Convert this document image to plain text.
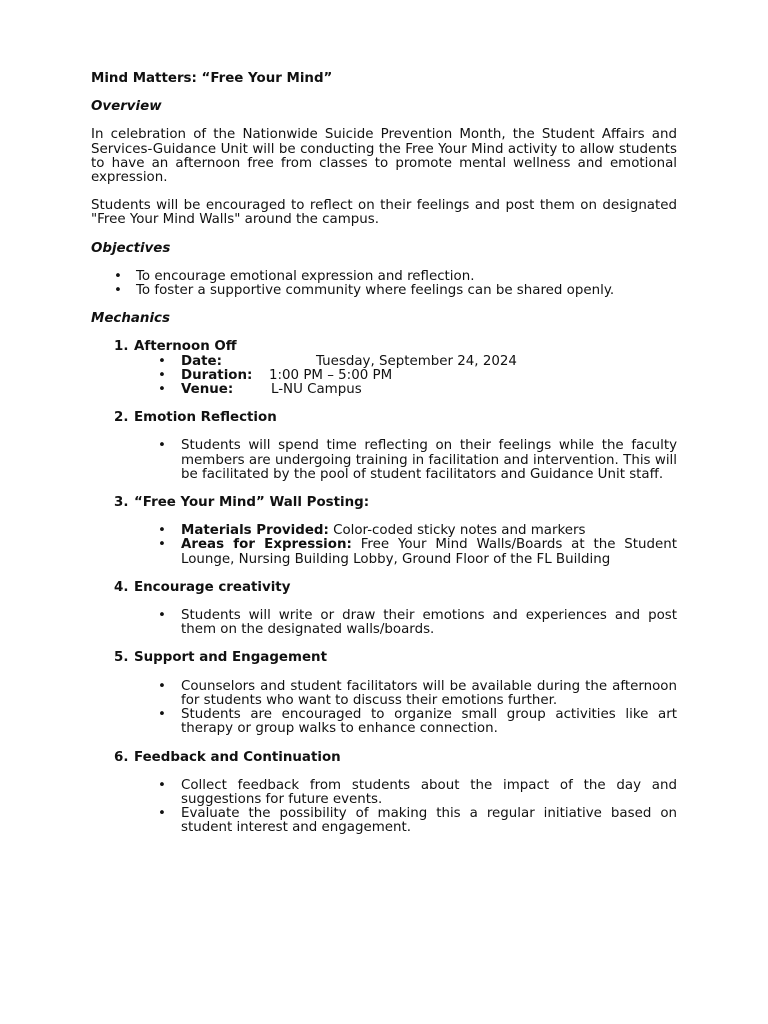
Mind Matters: “Free Your Mind”
Overview

In celebration of the Nationwide Suicide Prevention Month, the Student Affairs and Services-Guidance Unit will be conducting the Free Your Mind activity to allow students to have an afternoon free from classes to promote mental wellness and emotional expression.

Students will be encouraged to reflect on their feelings and post them on designated "Free Your Mind Walls" around the campus.

Objectives
• To encourage emotional expression and reflection.
• To foster a supportive community where feelings can be shared openly.
Mechanics
1. Afternoon Off
• Date:	Tuesday, September 24, 2024
• Duration: 1:00 PM – 5:00 PM
• Venue:	L-NU Campus
2. Emotion Reflection
• Students will spend time reflecting on their feelings while the faculty members are undergoing training in facilitation and intervention. This will be facilitated by the pool of student facilitators and Guidance Unit staff.
3. “Free Your Mind” Wall Posting:
• Materials Provided: Color-coded sticky notes and markers
• Areas for Expression: Free Your Mind Walls/Boards at the Student Lounge, Nursing Building Lobby, Ground Floor of the FL Building
4. Encourage creativity
• Students will write or draw their emotions and experiences and post them on the designated walls/boards.
5. Support and Engagement
• Counselors and student facilitators will be available during the afternoon for students who want to discuss their emotions further.
• Students are encouraged to organize small group activities like art therapy or group walks to enhance connection.
6. Feedback and Continuation
• Collect feedback from students about the impact of the day and suggestions for future events.
• Evaluate the possibility of making this a regular initiative based on student interest and engagement.
